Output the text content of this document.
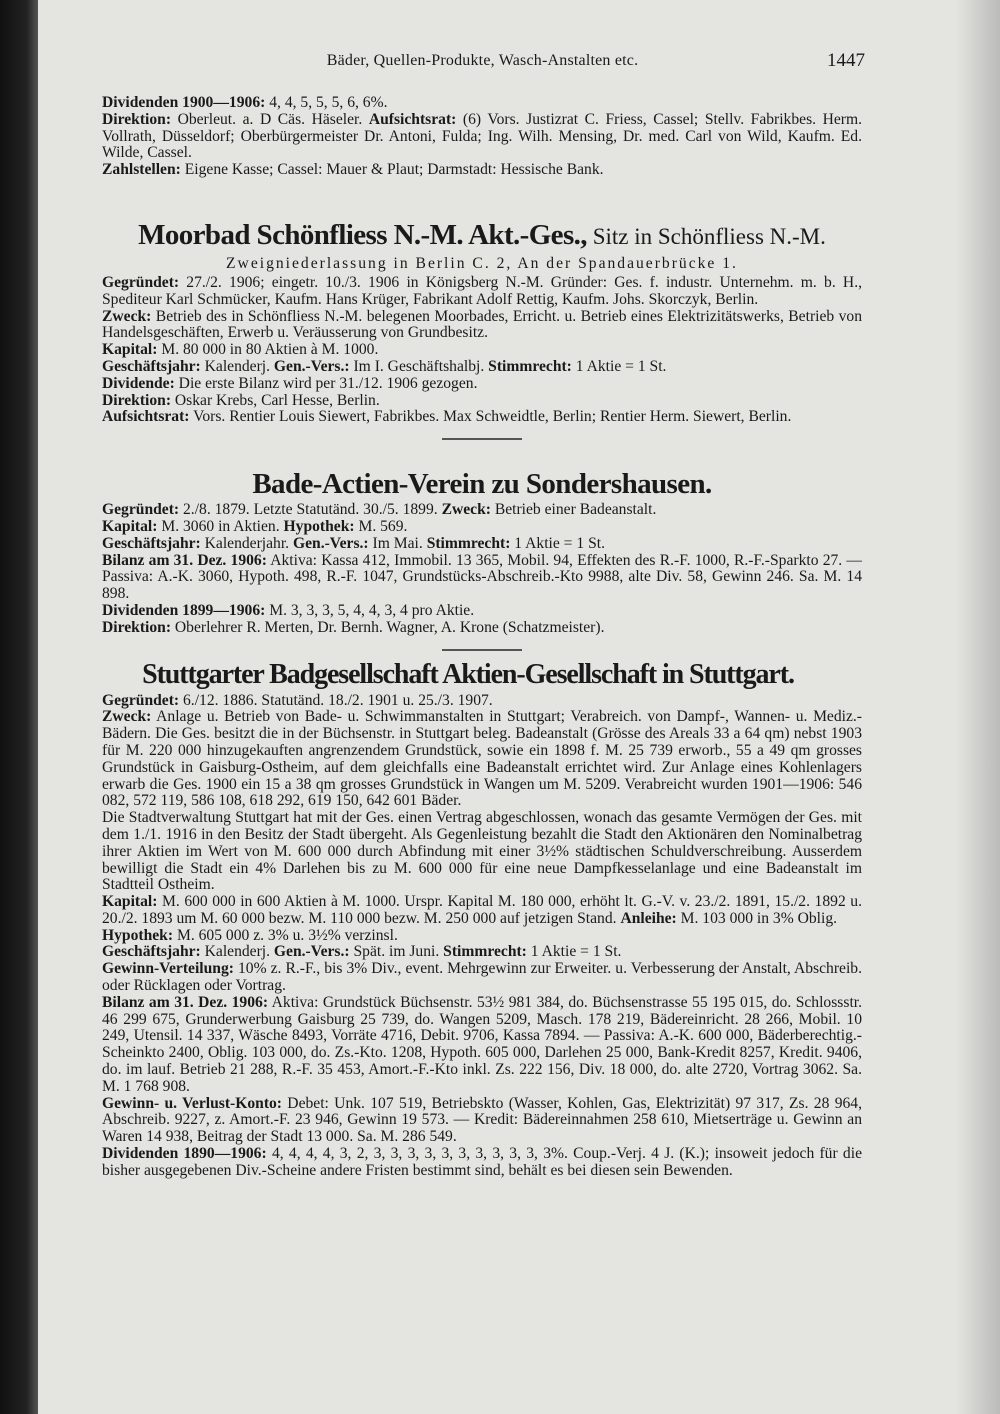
Bäder, Quellen-Produkte, Wasch-Anstalten etc.	1447

Dividenden 1900—1906: 4, 4, 5, 5, 5, 6, 6%.

Direktion: Oberleut. a. D Cäs. Häseler. Aufsichtsrat: (6) Vors. Justizrat C. Friess, Cassel; Stellv. Fabrikbes. Herm. Vollrath, Düsseldorf; Oberbürgermeister Dr. Antoni, Fulda; Ing. Wilh. Mensing, Dr. med. Carl von Wild, Kaufm. Ed. Wilde, Cassel.

Zahlstellen: Eigene Kasse; Cassel: Mauer & Plaut; Darmstadt: Hessische Bank.

Moorbad Schönfliess N.-M. Akt.-Ges., Sitz in Schönfliess N.-M.
Zweigniederlassung in Berlin C. 2, An der Spandauerbrücke 1.

Gegründet: 27./2. 1906; eingetr. 10./3. 1906 in Königsberg N.-M. Gründer: Ges. f. industr. Unternehm. m. b. H., Spediteur Karl Schmücker, Kaufm. Hans Krüger, Fabrikant Adolf Rettig, Kaufm. Johs. Skorczyk, Berlin.

Zweck: Betrieb des in Schönfliess N.-M. belegenen Moorbades, Erricht. u. Betrieb eines Elektrizitätswerks, Betrieb von Handelsgeschäften, Erwerb u. Veräusserung von Grundbesitz.

Kapital: M. 80 000 in 80 Aktien à M. 1000.

Geschäftsjahr: Kalenderj. Gen.-Vers.: Im I. Geschäftshalbj. Stimmrecht: 1 Aktie = 1 St.

Dividende: Die erste Bilanz wird per 31./12. 1906 gezogen.

Direktion: Oskar Krebs, Carl Hesse, Berlin.

Aufsichtsrat: Vors. Rentier Louis Siewert, Fabrikbes. Max Schweidtle, Berlin; Rentier Herm. Siewert, Berlin.

Bade-Actien-Verein zu Sondershausen.

Gegründet: 2./8. 1879. Letzte Statutänd. 30./5. 1899. Zweck: Betrieb einer Badeanstalt.

Kapital: M. 3060 in Aktien. Hypothek: M. 569.

Geschäftsjahr: Kalenderjahr. Gen.-Vers.: Im Mai. Stimmrecht: 1 Aktie = 1 St.

Bilanz am 31. Dez. 1906: Aktiva: Kassa 412, Immobil. 13 365, Mobil. 94, Effekten des R.-F. 1000, R.-F.-Sparkto 27. — Passiva: A.-K. 3060, Hypoth. 498, R.-F. 1047, Grundstücks-Abschreib.-Kto 9988, alte Div. 58, Gewinn 246. Sa. M. 14 898.

Dividenden 1899—1906: M. 3, 3, 3, 5, 4, 4, 3, 4 pro Aktie.

Direktion: Oberlehrer R. Merten, Dr. Bernh. Wagner, A. Krone (Schatzmeister).

Stuttgarter Badgesellschaft Aktien-Gesellschaft in Stuttgart.

Gegründet: 6./12. 1886. Statutänd. 18./2. 1901 u. 25./3. 1907.

Zweck: Anlage u. Betrieb von Bade- u. Schwimmanstalten in Stuttgart; Verabreich. von Dampf-, Wannen- u. Mediz.-Bädern. Die Ges. besitzt die in der Büchsenstr. in Stuttgart beleg. Badeanstalt (Grösse des Areals 33 a 64 qm) nebst 1903 für M. 220 000 hinzugekauften angrenzendem Grundstück, sowie ein 1898 f. M. 25 739 erworb., 55 a 49 qm grosses Grundstück in Gaisburg-Ostheim, auf dem gleichfalls eine Badeanstalt errichtet wird. Zur Anlage eines Kohlenlagers erwarb die Ges. 1900 ein 15 a 38 qm grosses Grundstück in Wangen um M. 5209. Verabreicht wurden 1901—1906: 546 082, 572 119, 586 108, 618 292, 619 150, 642 601 Bäder.

Die Stadtverwaltung Stuttgart hat mit der Ges. einen Vertrag abgeschlossen, wonach das gesamte Vermögen der Ges. mit dem 1./1. 1916 in den Besitz der Stadt übergeht. Als Gegenleistung bezahlt die Stadt den Aktionären den Nominalbetrag ihrer Aktien im Wert von M. 600 000 durch Abfindung mit einer 3½% städtischen Schuldverschreibung. Ausserdem bewilligt die Stadt ein 4% Darlehen bis zu M. 600 000 für eine neue Dampfkesselanlage und eine Badeanstalt im Stadtteil Ostheim.

Kapital: M. 600 000 in 600 Aktien à M. 1000. Urspr. Kapital M. 180 000, erhöht lt. G.-V. v. 23./2. 1891, 15./2. 1892 u. 20./2. 1893 um M. 60 000 bezw. M. 110 000 bezw. M. 250 000 auf jetzigen Stand. Anleihe: M. 103 000 in 3% Oblig.

Hypothek: M. 605 000 z. 3% u. 3½% verzinsl.

Geschäftsjahr: Kalenderj. Gen.-Vers.: Spät. im Juni. Stimmrecht: 1 Aktie = 1 St.

Gewinn-Verteilung: 10% z. R.-F., bis 3% Div., event. Mehrgewinn zur Erweiter. u. Verbesserung der Anstalt, Abschreib. oder Rücklagen oder Vortrag.

Bilanz am 31. Dez. 1906: Aktiva: Grundstück Büchsenstr. 53½ 981 384, do. Büchsenstrasse 55 195 015, do. Schlossstr. 46 299 675, Grunderwerbung Gaisburg 25 739, do. Wangen 5209, Masch. 178 219, Bädereinricht. 28 266, Mobil. 10 249, Utensil. 14 337, Wäsche 8493, Vorräte 4716, Debit. 9706, Kassa 7894. — Passiva: A.-K. 600 000, Bäderberechtig.-Scheinkto 2400, Oblig. 103 000, do. Zs.-Kto. 1208, Hypoth. 605 000, Darlehen 25 000, Bank-Kredit 8257, Kredit. 9406, do. im lauf. Betrieb 21 288, R.-F. 35 453, Amort.-F.-Kto inkl. Zs. 222 156, Div. 18 000, do. alte 2720, Vortrag 3062. Sa. M. 1 768 908.

Gewinn- u. Verlust-Konto: Debet: Unk. 107 519, Betriebskto (Wasser, Kohlen, Gas, Elektrizität) 97 317, Zs. 28 964, Abschreib. 9227, z. Amort.-F. 23 946, Gewinn 19 573. — Kredit: Bädereinnahmen 258 610, Mietserträge u. Gewinn an Waren 14 938, Beitrag der Stadt 13 000. Sa. M. 286 549.

Dividenden 1890—1906: 4, 4, 4, 4, 3, 2, 3, 3, 3, 3, 3, 3, 3, 3, 3, 3, 3%. Coup.-Verj. 4 J. (K.); insoweit jedoch für die bisher ausgegebenen Div.-Scheine andere Fristen bestimmt sind, behält es bei diesen sein Bewenden.
